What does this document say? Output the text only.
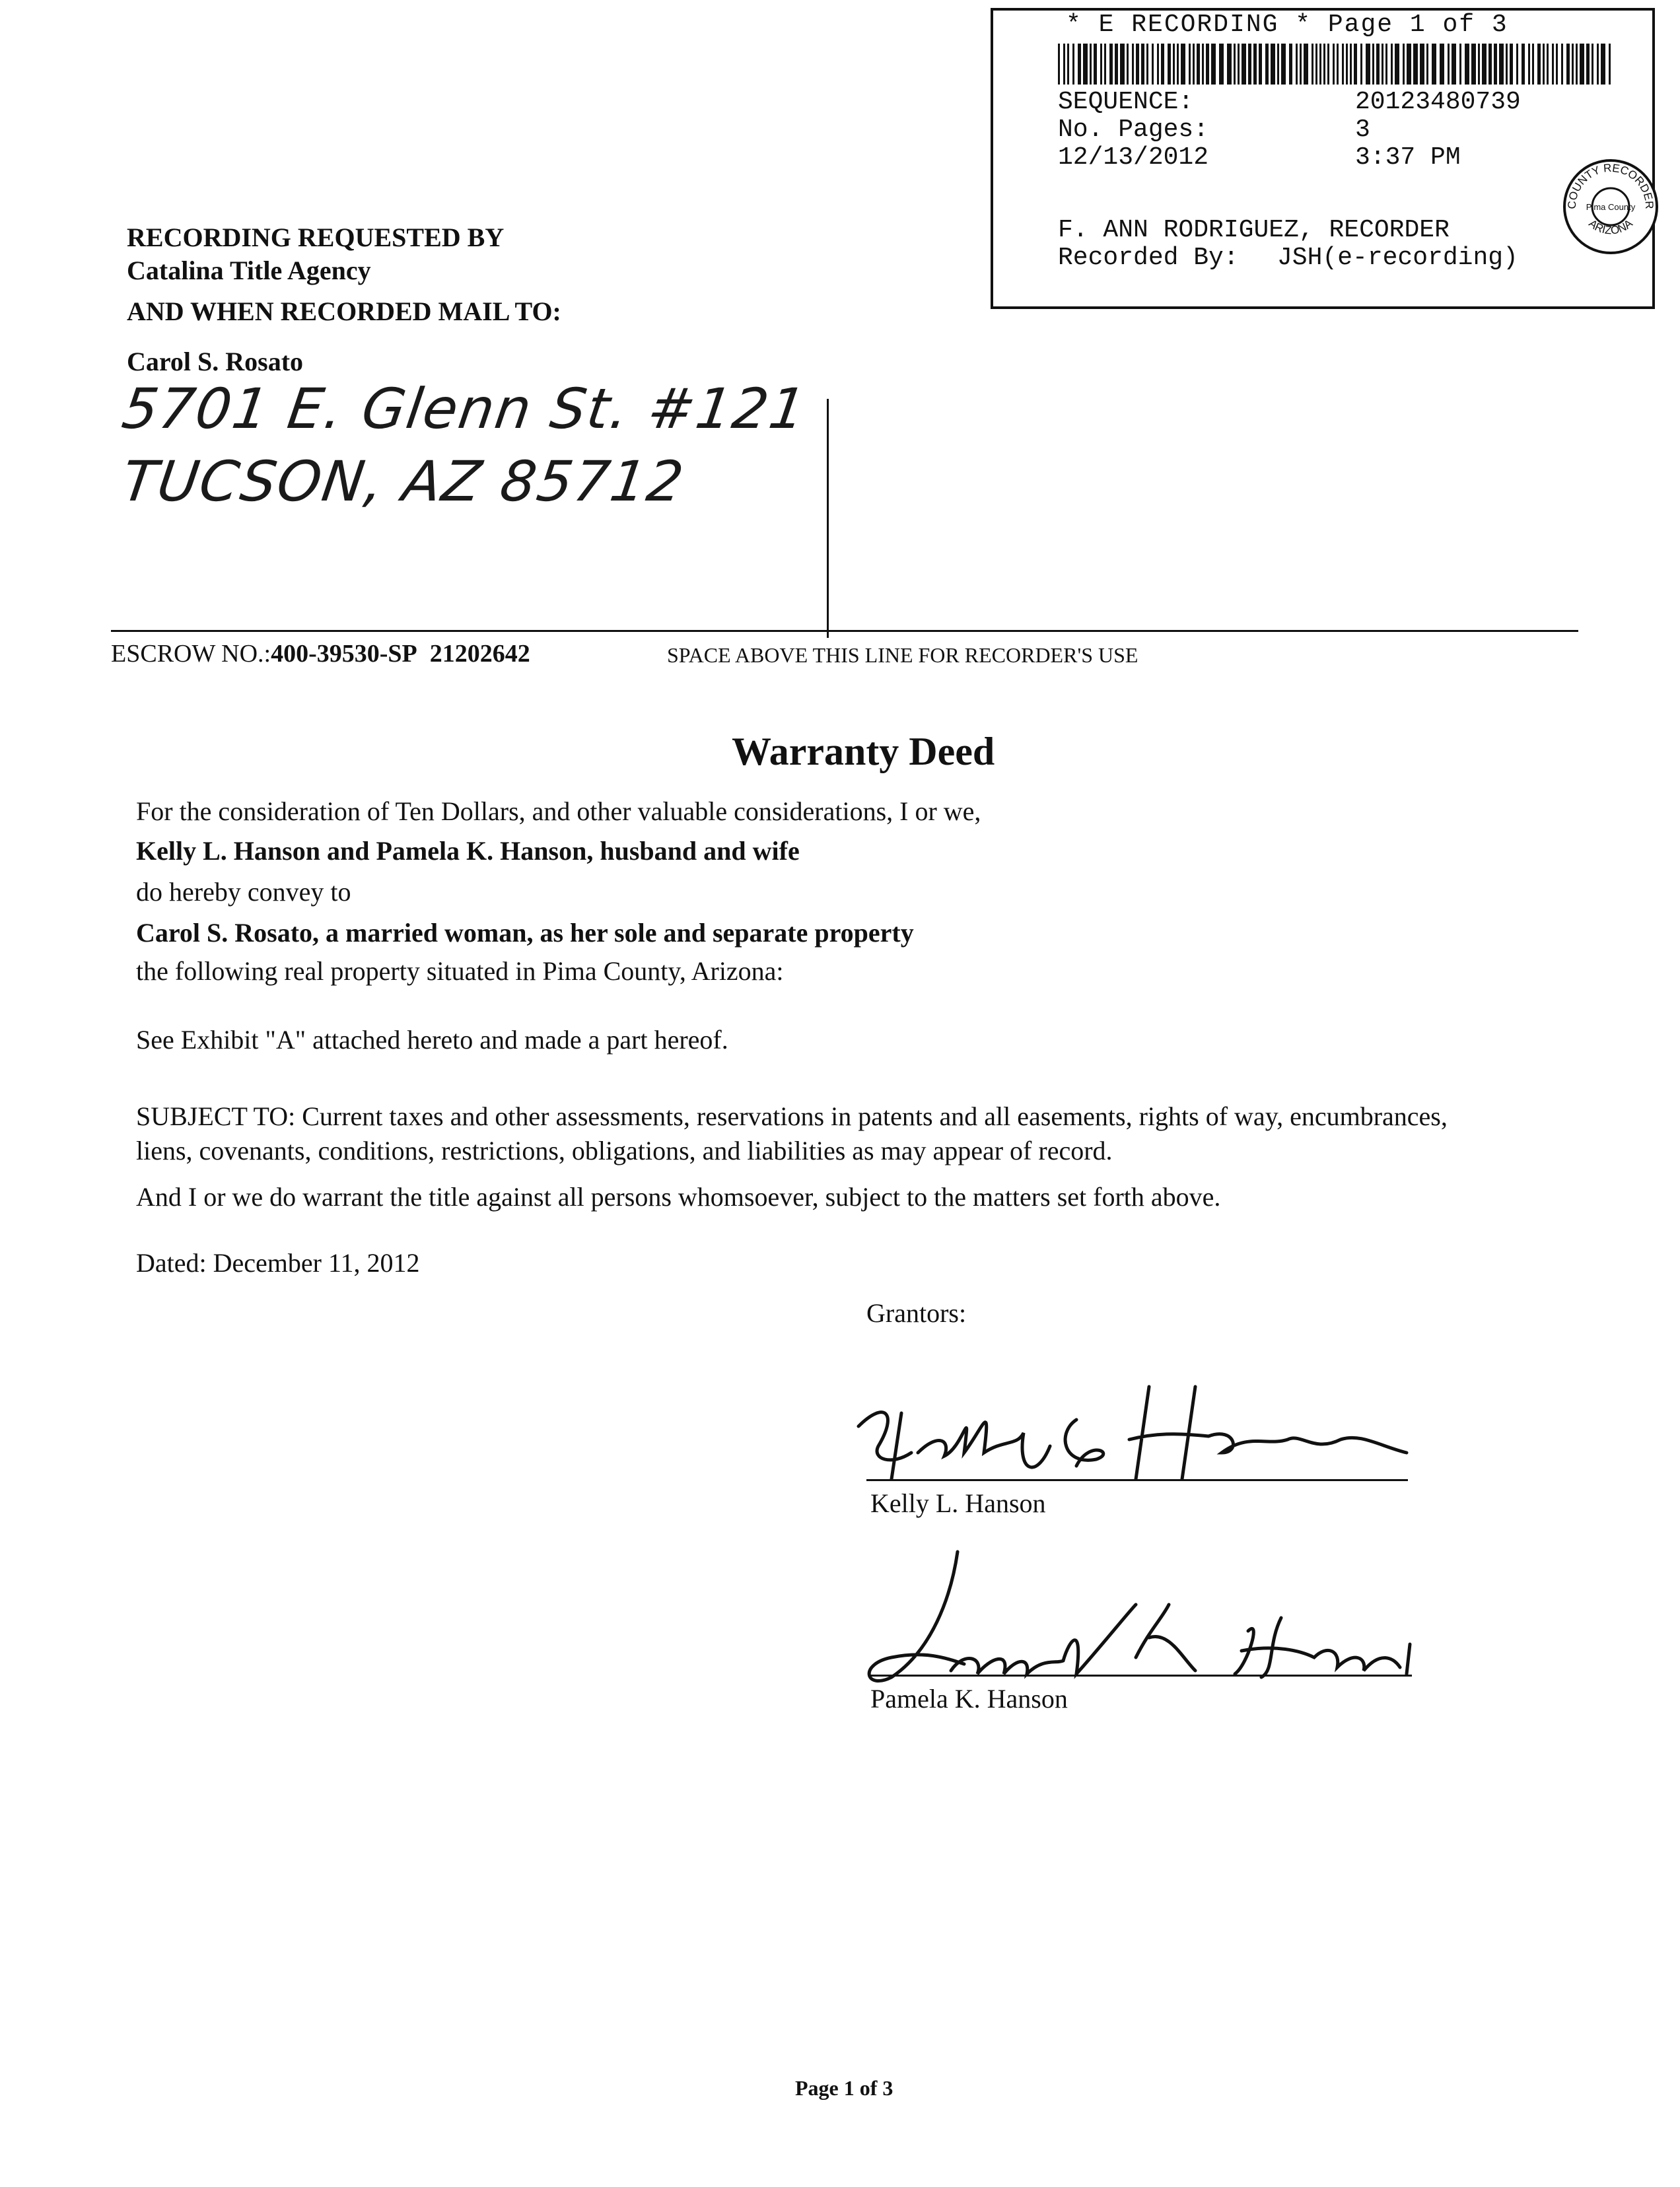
* E RECORDING * Page 1 of 3
SEQUENCE:	20123480739
No. Pages:	3
12/13/2012	3:37 PM
F. ANN RODRIGUEZ, RECORDER
Recorded By: JSH(e-recording)
COUNTY RECORDER
Pima County
ARIZONA
RECORDING REQUESTED BY
Catalina Title Agency
AND WHEN RECORDED MAIL TO:
Carol S. Rosato
5701 E. Glenn St. #121
TUCSON, AZ 85712
ESCROW NO.:400-39530-SP 21202642	SPACE ABOVE THIS LINE FOR RECORDER'S USE
Warranty Deed
For the consideration of Ten Dollars, and other valuable considerations, I or we,
Kelly L. Hanson and Pamela K. Hanson, husband and wife
do hereby convey to
Carol S. Rosato, a married woman, as her sole and separate property
the following real property situated in Pima County, Arizona:
See Exhibit "A" attached hereto and made a part hereof.
SUBJECT TO: Current taxes and other assessments, reservations in patents and all easements, rights of way, encumbrances,
liens, covenants, conditions, restrictions, obligations, and liabilities as may appear of record.
And I or we do warrant the title against all persons whomsoever, subject to the matters set forth above.
Dated: December 11, 2012
Grantors:
Kelly L. Hanson
Pamela K. Hanson
Page 1 of 3
